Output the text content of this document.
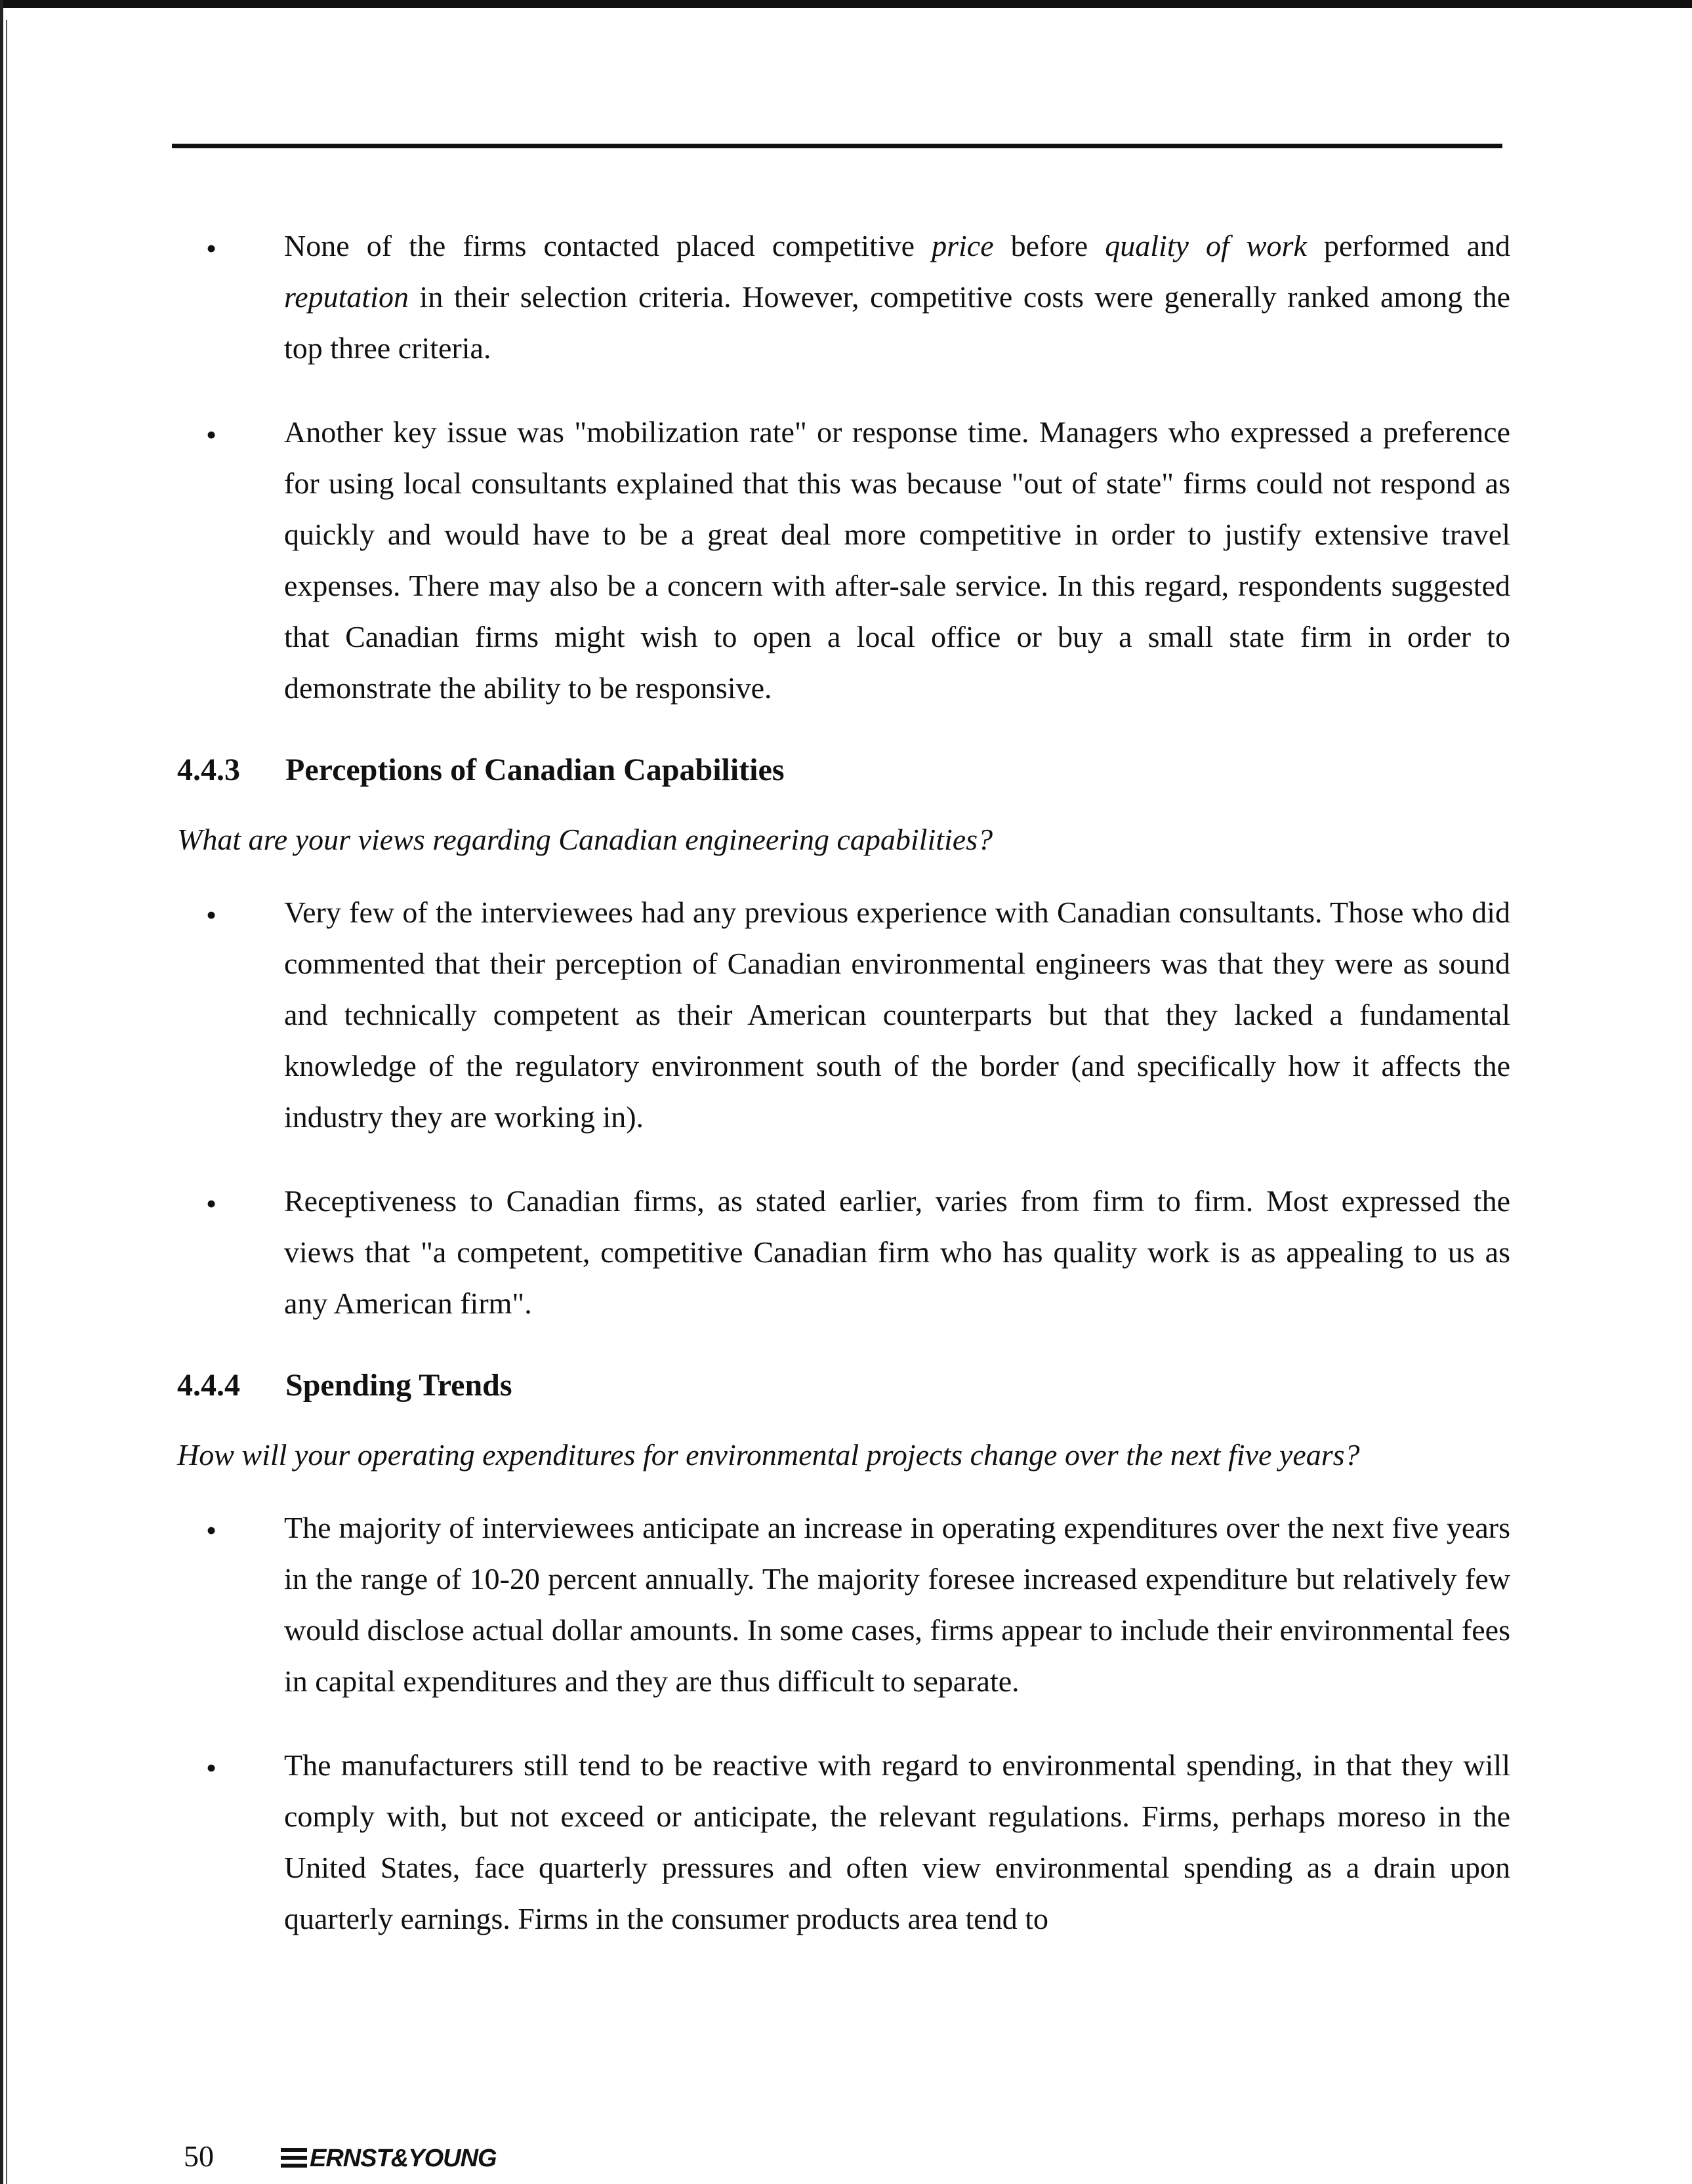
• None of the firms contacted placed competitive price before quality of work performed and reputation in their selection criteria. However, competitive costs were generally ranked among the top three criteria.

• Another key issue was "mobilization rate" or response time. Managers who expressed a preference for using local consultants explained that this was because "out of state" firms could not respond as quickly and would have to be a great deal more competitive in order to justify extensive travel expenses. There may also be a concern with after-sale service. In this regard, respondents suggested that Canadian firms might wish to open a local office or buy a small state firm in order to demonstrate the ability to be responsive.

4.4.3 Perceptions of Canadian Capabilities

What are your views regarding Canadian engineering capabilities?

• Very few of the interviewees had any previous experience with Canadian consultants. Those who did commented that their perception of Canadian environmental engineers was that they were as sound and technically competent as their American counterparts but that they lacked a fundamental knowledge of the regulatory environment south of the border (and specifically how it affects the industry they are working in).

• Receptiveness to Canadian firms, as stated earlier, varies from firm to firm. Most expressed the views that "a competent, competitive Canadian firm who has quality work is as appealing to us as any American firm".

4.4.4 Spending Trends

How will your operating expenditures for environmental projects change over the next five years?

• The majority of interviewees anticipate an increase in operating expenditures over the next five years in the range of 10-20 percent annually. The majority foresee increased expenditure but relatively few would disclose actual dollar amounts. In some cases, firms appear to include their environmental fees in capital expenditures and they are thus difficult to separate.

• The manufacturers still tend to be reactive with regard to environmental spending, in that they will comply with, but not exceed or anticipate, the relevant regulations. Firms, perhaps moreso in the United States, face quarterly pressures and often view environmental spending as a drain upon quarterly earnings. Firms in the consumer products area tend to

50	ERNST&YOUNG
